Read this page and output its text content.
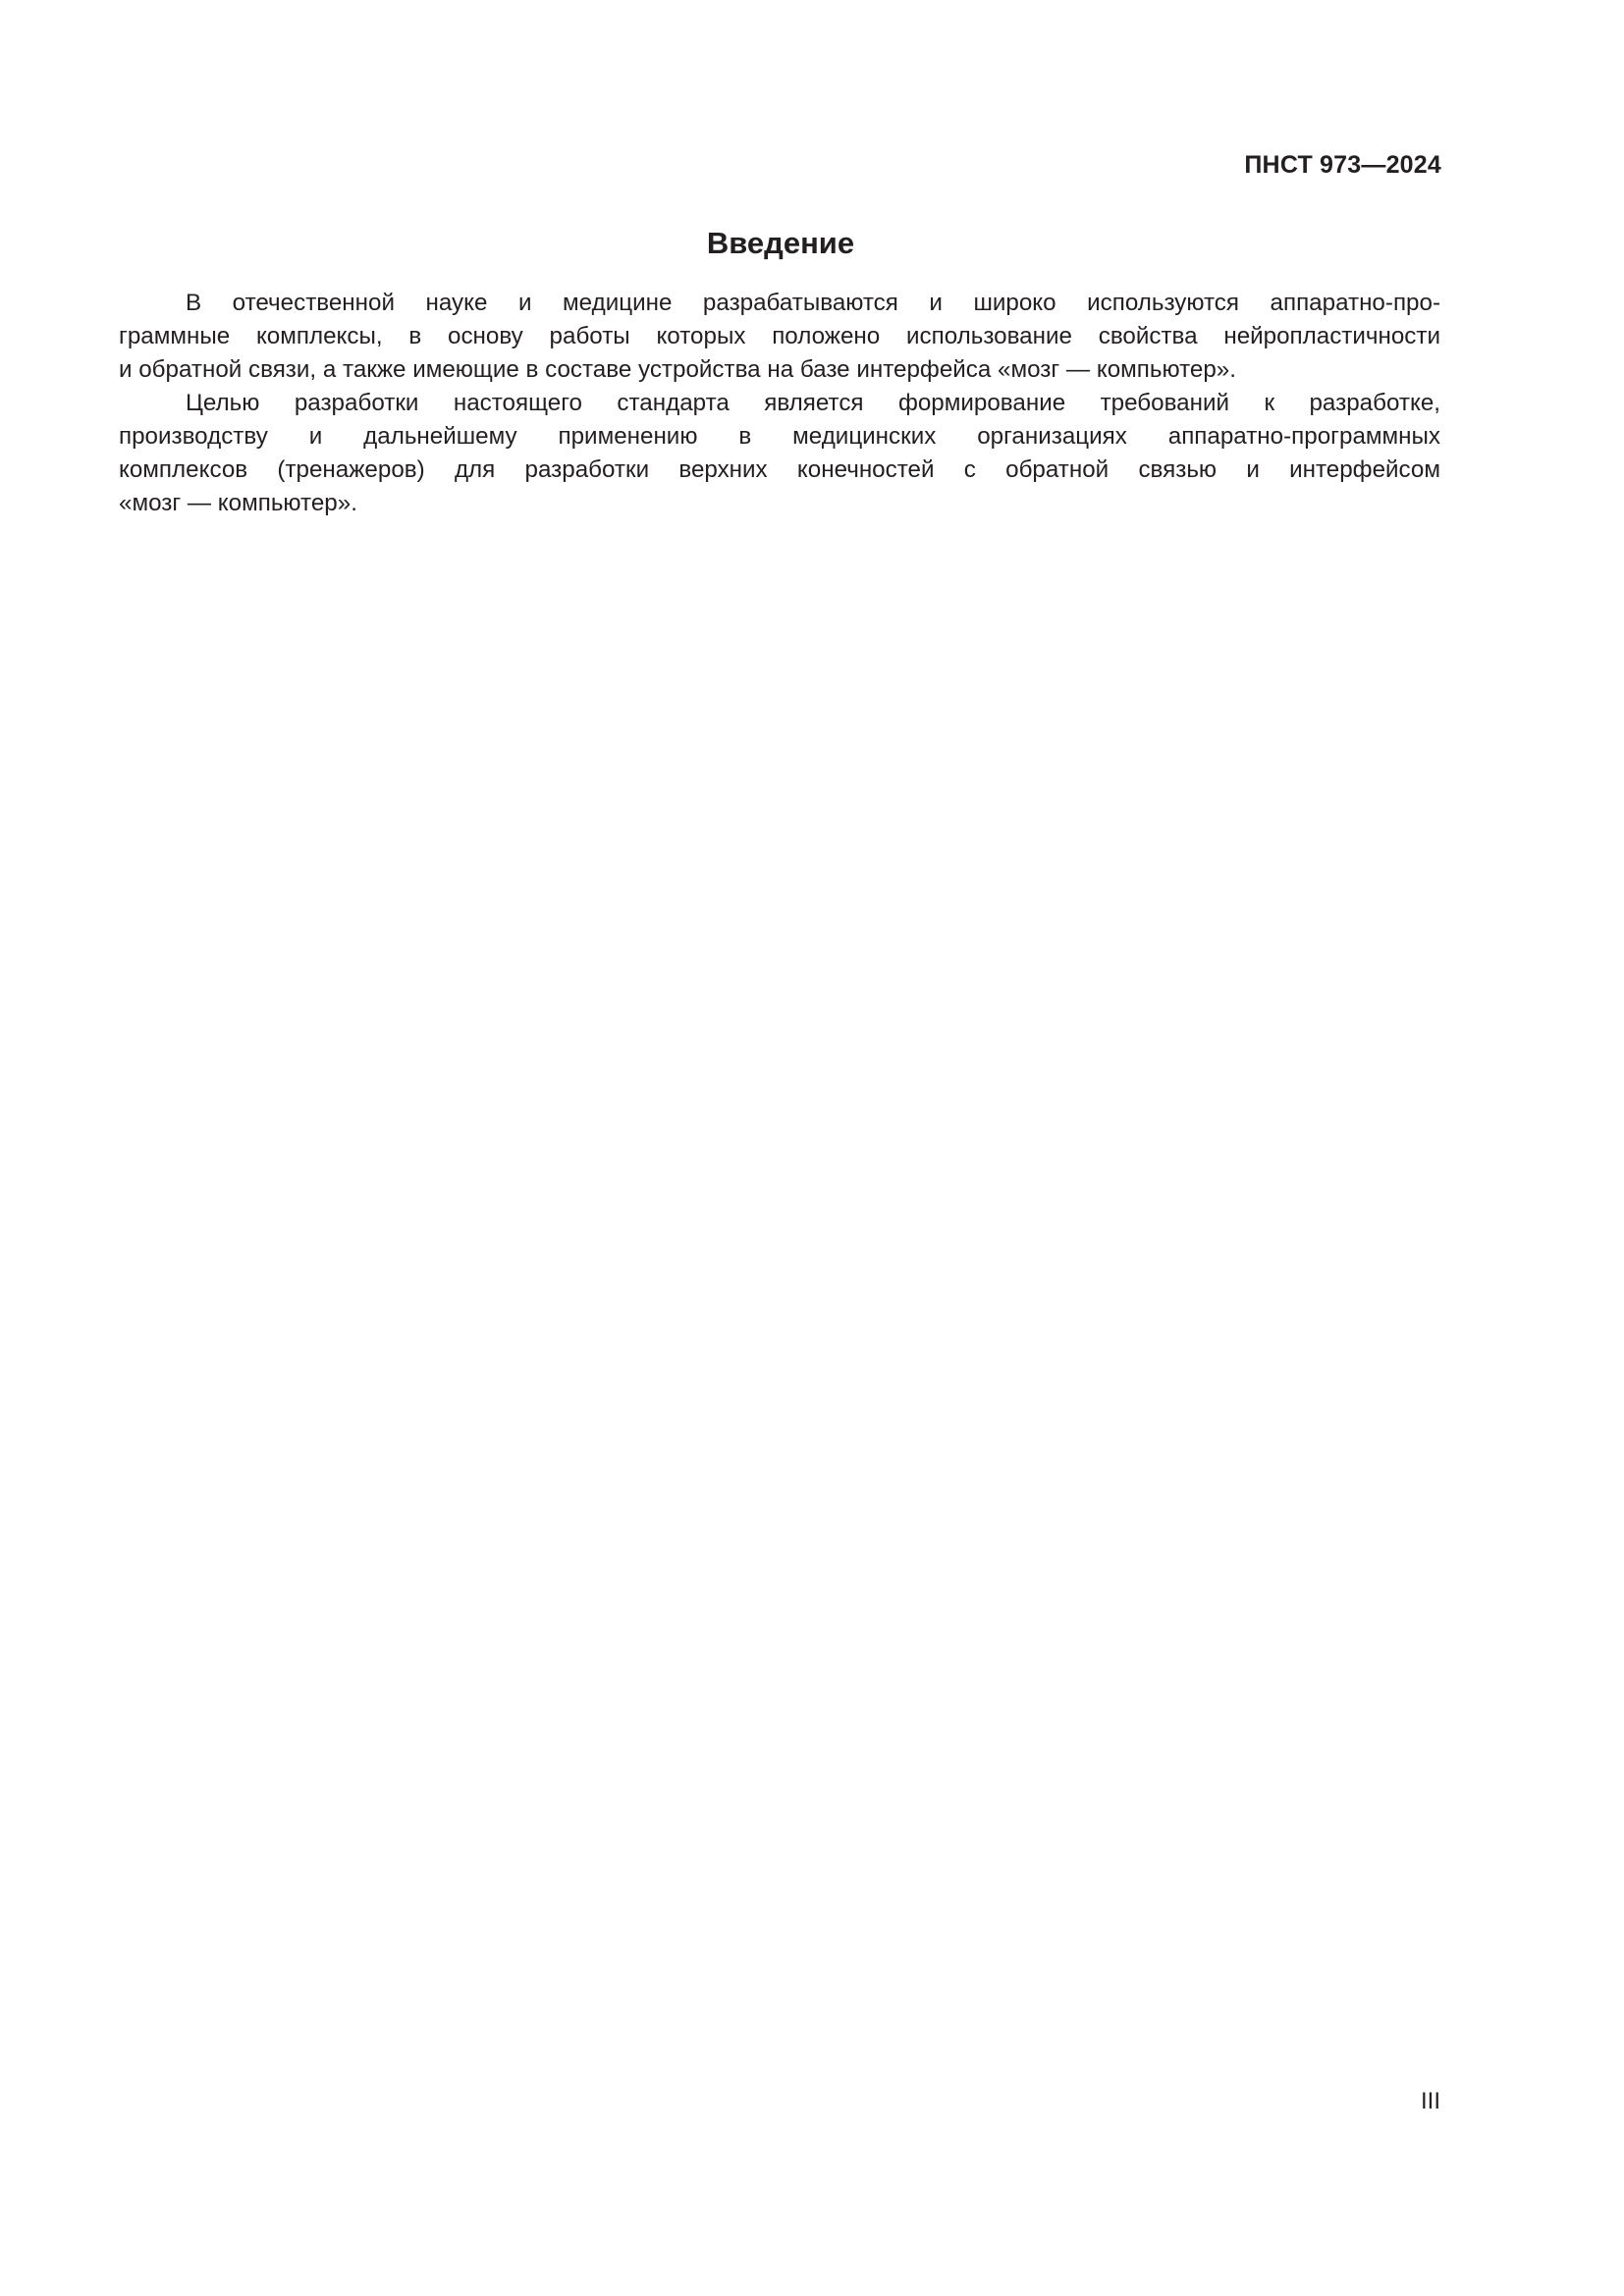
ПНСТ 973—2024
Введение

В отечественной науке и медицине разрабатываются и широко используются аппаратно-про-
граммные комплексы, в основу работы которых положено использование свойства нейропластичности
и обратной связи, а также имеющие в составе устройства на базе интерфейса «мозг — компьютер».

Целью разработки настоящего стандарта является формирование требований к разработке,
производству и дальнейшему применению в медицинских организациях аппаратно-программных
комплексов (тренажеров) для разработки верхних конечностей с обратной связью и интерфейсом
«мозг — компьютер».

III
